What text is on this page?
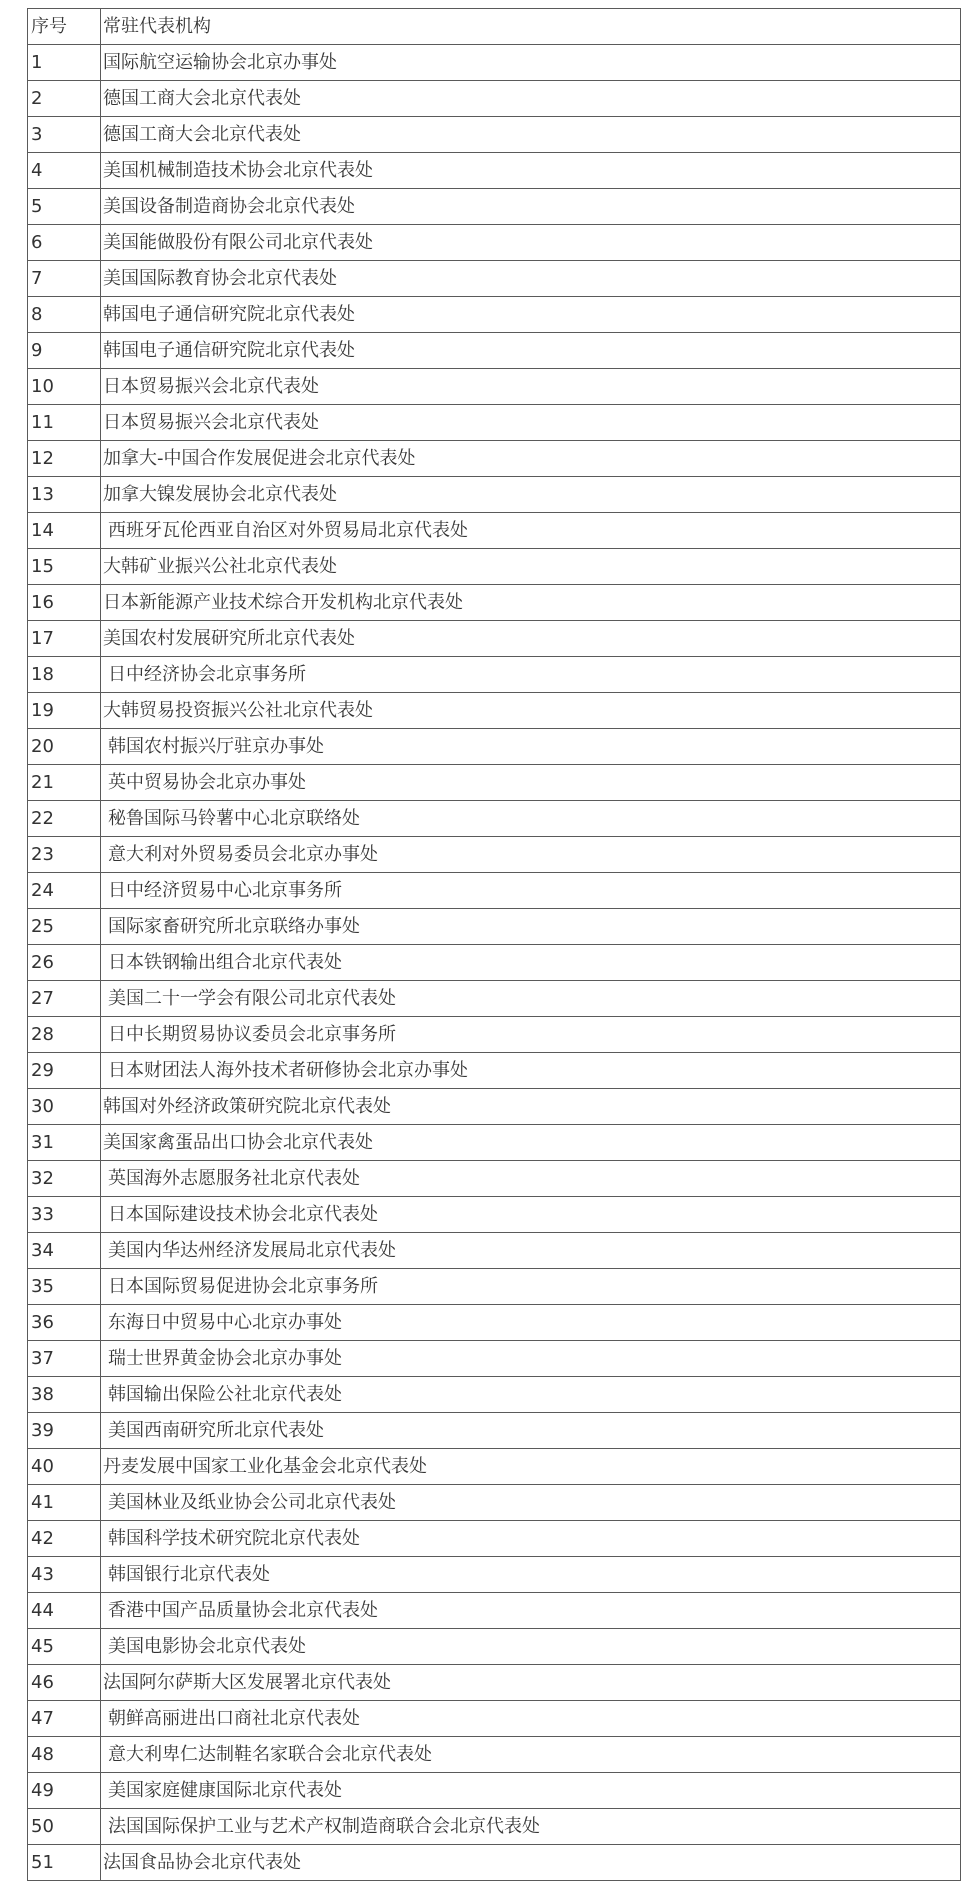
序号	常驻代表机构
1	国际航空运输协会北京办事处
2	德国工商大会北京代表处
3	德国工商大会北京代表处
4	美国机械制造技术协会北京代表处
5	美国设备制造商协会北京代表处
6	美国能做股份有限公司北京代表处
7	美国国际教育协会北京代表处
8	韩国电子通信研究院北京代表处
9	韩国电子通信研究院北京代表处
10	日本贸易振兴会北京代表处
11	日本贸易振兴会北京代表处
12	加拿大-中国合作发展促进会北京代表处
13	加拿大镍发展协会北京代表处
14	西班牙瓦伦西亚自治区对外贸易局北京代表处
15	大韩矿业振兴公社北京代表处
16	日本新能源产业技术综合开发机构北京代表处
17	美国农村发展研究所北京代表处
18	日中经济协会北京事务所
19	大韩贸易投资振兴公社北京代表处
20	韩国农村振兴厅驻京办事处
21	英中贸易协会北京办事处
22	秘鲁国际马铃薯中心北京联络处
23	意大利对外贸易委员会北京办事处
24	日中经济贸易中心北京事务所
25	国际家畜研究所北京联络办事处
26	日本铁钢输出组合北京代表处
27	美国二十一学会有限公司北京代表处
28	日中长期贸易协议委员会北京事务所
29	日本财团法人海外技术者研修协会北京办事处
30	韩国对外经济政策研究院北京代表处
31	美国家禽蛋品出口协会北京代表处
32	英国海外志愿服务社北京代表处
33	日本国际建设技术协会北京代表处
34	美国内华达州经济发展局北京代表处
35	日本国际贸易促进协会北京事务所
36	东海日中贸易中心北京办事处
37	瑞士世界黄金协会北京办事处
38	韩国输出保险公社北京代表处
39	美国西南研究所北京代表处
40	丹麦发展中国家工业化基金会北京代表处
41	美国林业及纸业协会公司北京代表处
42	韩国科学技术研究院北京代表处
43	韩国银行北京代表处
44	香港中国产品质量协会北京代表处
45	美国电影协会北京代表处
46	法国阿尔萨斯大区发展署北京代表处
47	朝鲜高丽进出口商社北京代表处
48	意大利卑仁达制鞋名家联合会北京代表处
49	美国家庭健康国际北京代表处
50	法国国际保护工业与艺术产权制造商联合会北京代表处
51	法国食品协会北京代表处
